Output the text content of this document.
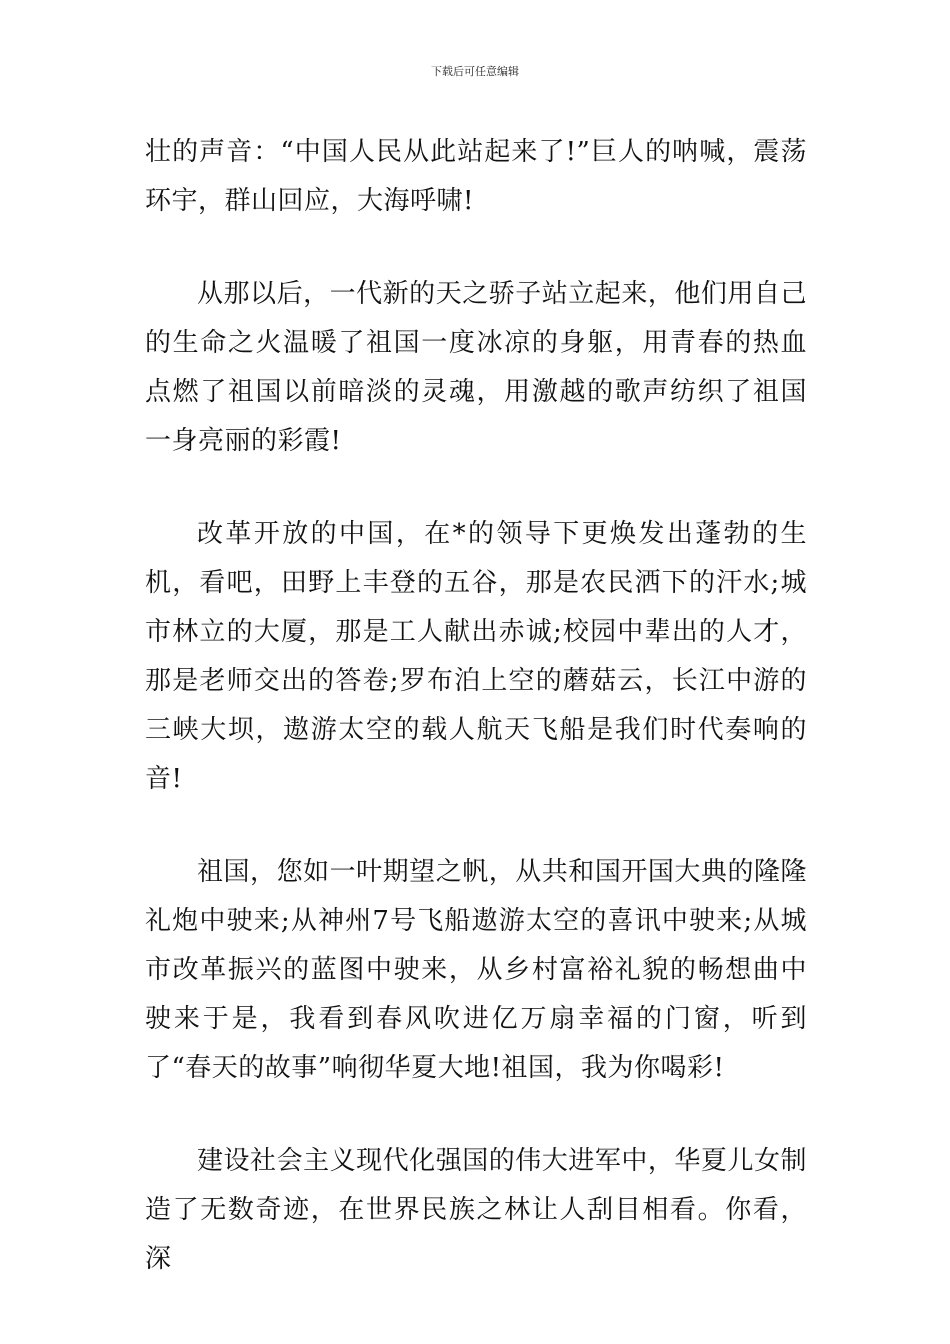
下载后可任意编辑

壮的声音：“中国人民从此站起来了!”巨人的呐喊，震荡环宇，群山回应，大海呼啸!

从那以后，一代新的天之骄子站立起来，他们用自己的生命之火温暖了祖国一度冰凉的身躯，用青春的热血点燃了祖国以前暗淡的灵魂，用激越的歌声纺织了祖国一身亮丽的彩霞!

改革开放的中国，在*的领导下更焕发出蓬勃的生机，看吧，田野上丰登的五谷，那是农民洒下的汗水;城市林立的大厦，那是工人献出赤诚;校园中辈出的人才，那是老师交出的答卷;罗布泊上空的蘑菇云，长江中游的三峡大坝，遨游太空的载人航天飞船是我们时代奏响的音!

祖国，您如一叶期望之帆，从共和国开国大典的隆隆礼炮中驶来;从神州7号飞船遨游太空的喜讯中驶来;从城市改革振兴的蓝图中驶来，从乡村富裕礼貌的畅想曲中驶来于是，我看到春风吹进亿万扇幸福的门窗，听到了“春天的故事”响彻华夏大地!祖国，我为你喝彩!

建设社会主义现代化强国的伟大进军中，华夏儿女制造了无数奇迹，在世界民族之林让人刮目相看。你看，深
